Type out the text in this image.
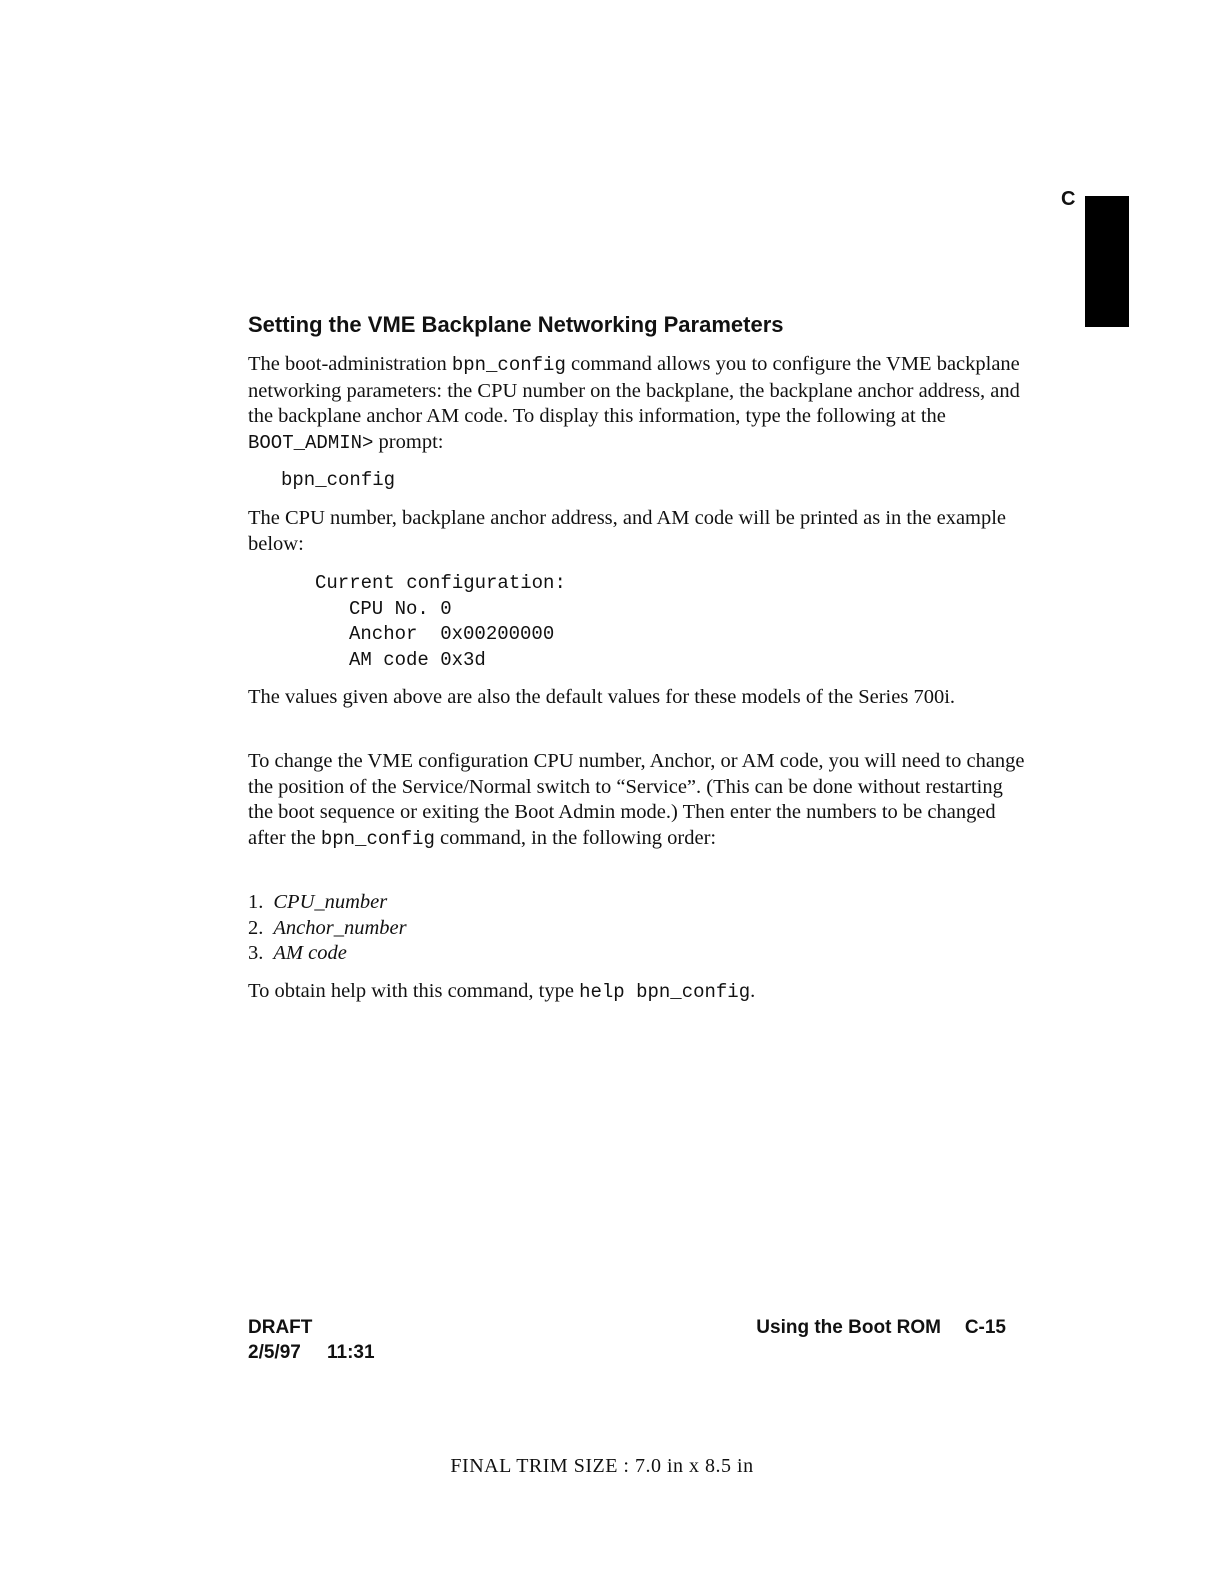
C
Setting the VME Backplane Networking Parameters

The boot-administration bpn_config command allows you to configure the VME backplane networking parameters: the CPU number on the backplane, the backplane anchor address, and the backplane anchor AM code. To display this information, type the following at the BOOT_ADMIN> prompt:

bpn_config

The CPU number, backplane anchor address, and AM code will be printed as in the example below:

Current configuration:
CPU No. 0
Anchor  0x00200000
AM code 0x3d

The values given above are also the default values for these models of the Series 700i.

To change the VME configuration CPU number, Anchor, or AM code, you will need to change the position of the Service/Normal switch to “Service”. (This can be done without restarting the boot sequence or exiting the Boot Admin mode.) Then enter the numbers to be changed after the bpn_config command, in the following order:

1. CPU_number
2. Anchor_number
3. AM code

To obtain help with this command, type help bpn_config.

DRAFT
2/5/97 11:31
Using the Boot ROM C-15
FINAL TRIM SIZE : 7.0 in x 8.5 in
